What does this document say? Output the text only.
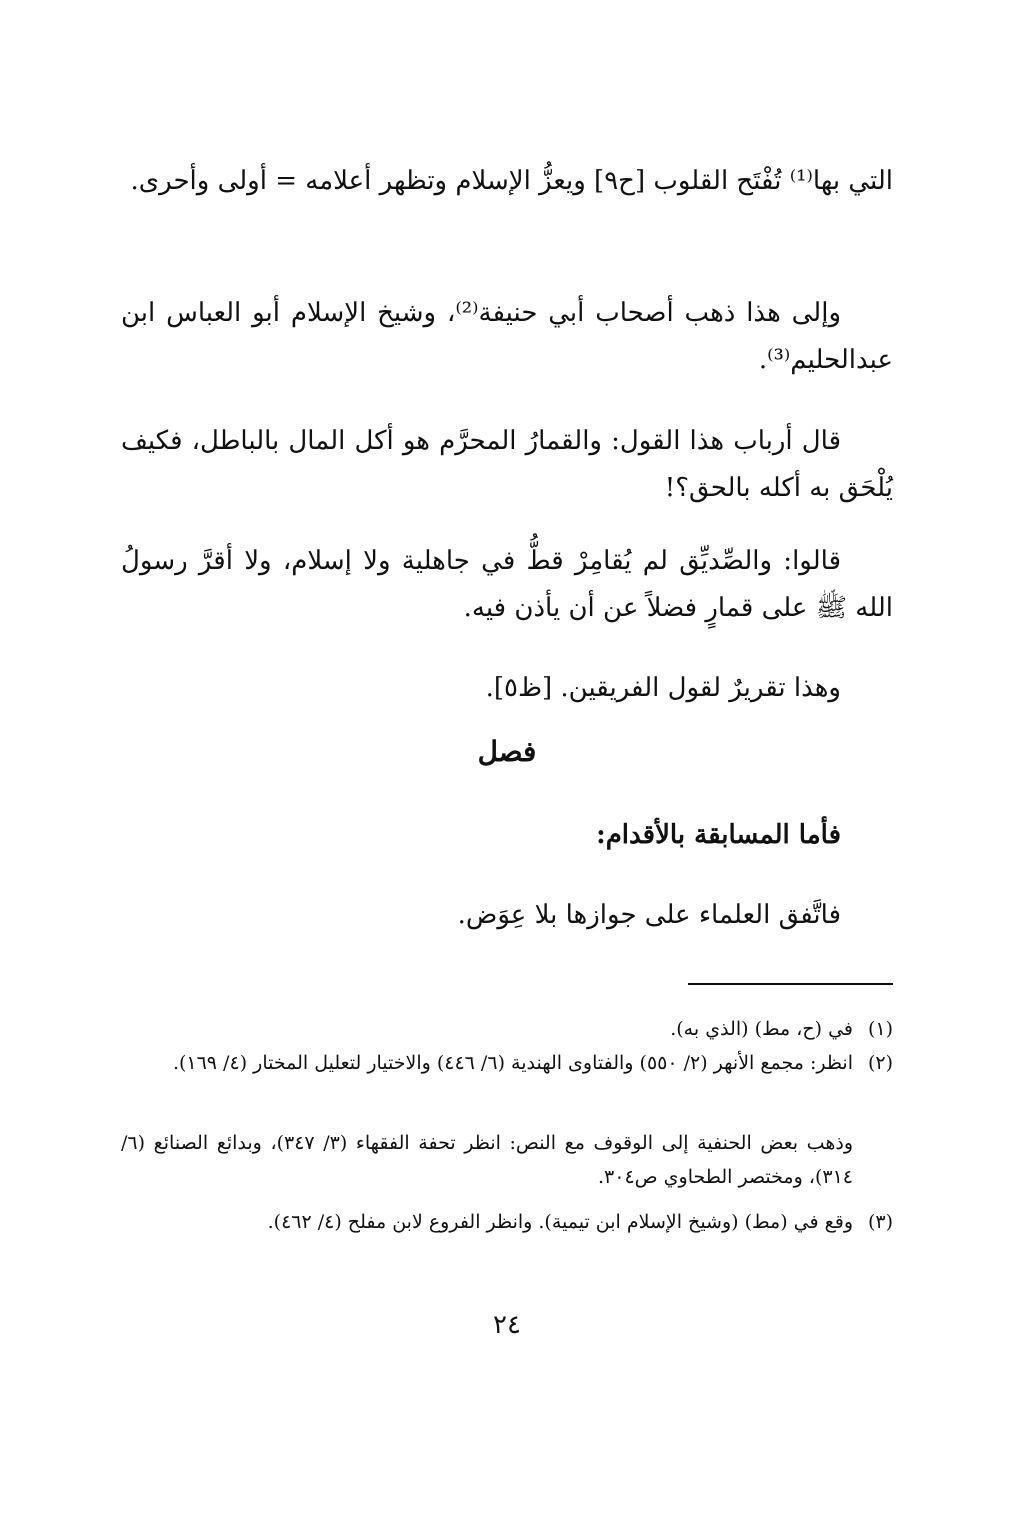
التي بها⁽¹⁾ تُفْتَح القلوب [ح٩] ويعزُّ الإسلام وتظهر أعلامه = أولى وأحرى.
وإلى هذا ذهب أصحاب أبي حنيفة⁽²⁾، وشيخ الإسلام أبو العباس ابن عبدالحليم⁽³⁾.
قال أرباب هذا القول: والقمارُ المحرَّم هو أكل المال بالباطل، فكيف يُلْحَق به أكله بالحق؟!
قالوا: والصِّديِّق لم يُقامِرْ قطُّ في جاهلية ولا إسلام، ولا أقرَّ رسولُ الله ﷺ على قمارٍ فضلاً عن أن يأذن فيه.
وهذا تقريرٌ لقول الفريقين. [ظ٥].
فصل
فأما المسابقة بالأقدام:
فاتَّفق العلماء على جوازها بلا عِوَض.
(١)في (ح، مط) (الذي به).
(٢)انظر: مجمع الأنهر (٢/ ٥٥٠) والفتاوى الهندية (٦/ ٤٤٦) والاختيار لتعليل المختار (٤/ ١٦٩).
وذهب بعض الحنفية إلى الوقوف مع النص: انظر تحفة الفقهاء (٣/ ٣٤٧)، وبدائع الصنائع (٦/ ٣١٤)، ومختصر الطحاوي ص٣٠٤.
(٣)وقع في (مط) (وشيخ الإسلام ابن تيمية). وانظر الفروع لابن مفلح (٤/ ٤٦٢).
٢٤
